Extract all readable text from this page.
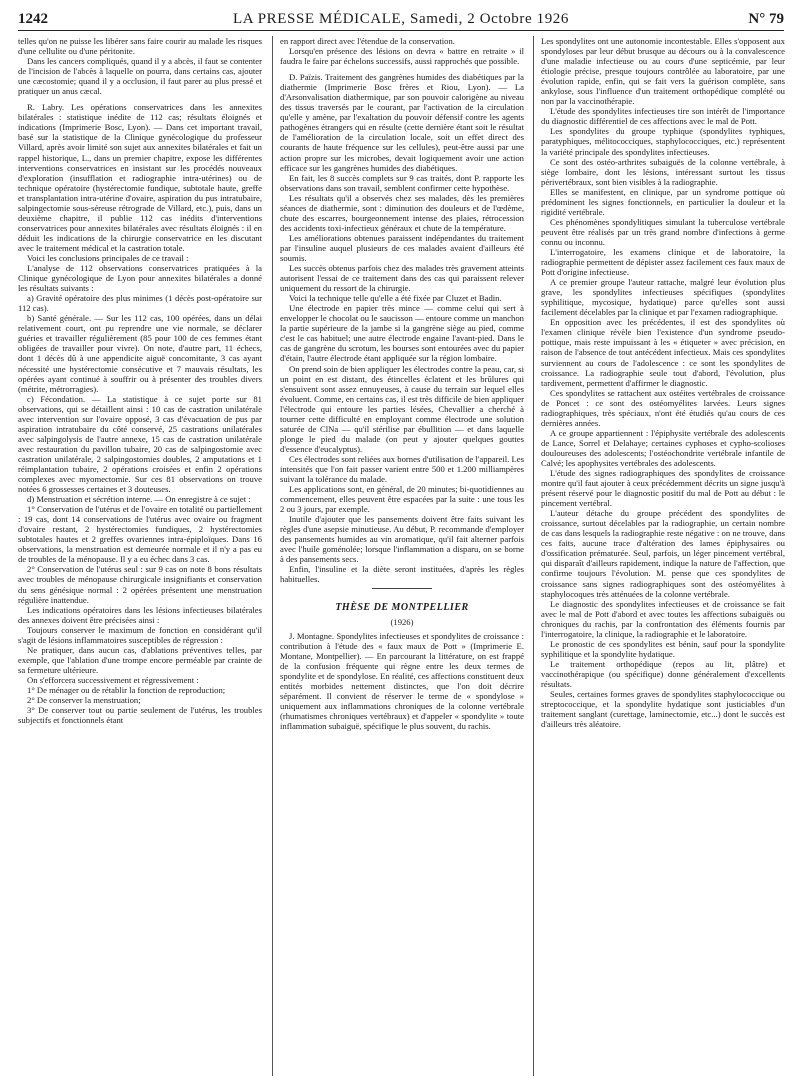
1242	LA PRESSE MÉDICALE, Samedi, 2 Octobre 1926	N° 79

telles qu'on ne puisse les libérer sans faire courir au malade les risques d'une cellulite ou d'une péritonite.

Dans les cancers compliqués, quand il y a abcès, il faut se contenter de l'incision de l'abcès à laquelle on pourra, dans certains cas, ajouter une cæcostomie; quand il y a occlusion, il faut parer au plus pressé et pratiquer un anus cæcal.

R. Labry. Les opérations conservatrices dans les annexites bilatérales : statistique inédite de 112 cas; résultats éloignés et indications (Imprimerie Bosc, Lyon). — Dans cet important travail, basé sur la statistique de la Clinique gynécologique du professeur Villard, après avoir limité son sujet aux annexites bilatérales et fait un rappel historique, L., dans un premier chapitre, expose les différentes interventions conservatrices en insistant sur les procédés nouveaux d'exploration (insufflation et radiographie intra-utérines) ou de technique opératoire (hystérectomie fundique, subtotale haute, greffe et transplantation intra-utérine d'ovaire, aspiration du pus intratubaire, salpingectomie sous-séreuse rétrograde de Villard, etc.), puis, dans un deuxième chapitre, il publie 112 cas inédits d'interventions conservatrices pour annexites bilatérales avec résultats éloignés : il en déduit les indications de la chirurgie conservatrice en les discutant avec le traitement médical et la castration totale.

Voici les conclusions principales de ce travail :

L'analyse de 112 observations conservatrices pratiquées à la Clinique gynécologique de Lyon pour annexites bilatérales a donné les résultats suivants :

a) Gravité opératoire des plus minimes (1 décès post-opératoire sur 112 cas).

b) Santé générale. — Sur les 112 cas, 100 opérées, dans un délai relativement court, ont pu reprendre une vie normale, se déclarer guéries et travailler régulièrement (85 pour 100 de ces femmes étant obligées de travailler pour vivre). On note, d'autre part, 11 échecs, dont 1 décès dû à une appendicite aiguë concomitante, 3 cas ayant nécessité une hystérectomie consécutive et 7 mauvais résultats, les opérées ayant continué à souffrir ou à présenter des troubles divers (métrite, métrorragies).

c) Fécondation. — La statistique à ce sujet porte sur 81 observations, qui se détaillent ainsi : 10 cas de castration unilatérale avec intervention sur l'ovaire opposé, 3 cas d'évacuation de pus par aspiration intratubaire du côté conservé, 25 castrations unilatérales avec salpingolysis de l'autre annexe, 15 cas de castration unilatérale avec restauration du pavillon tubaire, 20 cas de salpingostomie avec castration unilatérale, 2 salpingostomies doubles, 2 amputations et 1 réimplantation tubaire, 2 opérations croisées et enfin 2 opérations complexes avec myomectomie. Sur ces 81 observations on trouve notées 6 grossesses certaines et 3 douteuses.

d) Menstruation et sécrétion interne. — On enregistre à ce sujet :

1° Conservation de l'utérus et de l'ovaire en totalité ou partiellement : 19 cas, dont 14 conservations de l'utérus avec ovaire ou fragment d'ovaire restant, 2 hystérectomies fundiques, 2 hystérectomies subtotales hautes et 2 greffes ovariennes intra-épiploïques. Dans 16 observations, la menstruation est demeurée normale et il n'y a pas eu de troubles de la ménopause. Il y a eu échec dans 3 cas.

2° Conservation de l'utérus seul : sur 9 cas on note 8 bons résultats avec troubles de ménopause chirurgicale insignifiants et conservation du sens génésique normal : 2 opérées présentent une menstruation régulière inattendue.

Les indications opératoires dans les lésions infectieuses bilatérales des annexes doivent être précisées ainsi :

Toujours conserver le maximum de fonction en considérant qu'il s'agit de lésions inflammatoires susceptibles de régression :

Ne pratiquer, dans aucun cas, d'ablations préventives telles, par exemple, que l'ablation d'une trompe encore perméable par crainte de sa fermeture ultérieure.

On s'efforcera successivement et régressivement :

1° De ménager ou de rétablir la fonction de reproduction;

2° De conserver la menstruation;

3° De conserver tout ou partie seulement de l'utérus, les troubles subjectifs et fonctionnels étant

en rapport direct avec l'étendue de la conservation.

Lorsqu'en présence des lésions on devra « battre en retraite » il faudra le faire par échelons successifs, aussi rapprochés que possible.

D. Païzis. Traitement des gangrènes humides des diabétiques par la diathermie (Imprimerie Bosc frères et Riou, Lyon). — La d'Arsonvalisation diathermique, par son pouvoir calorigène au niveau des tissus traversés par le courant, par l'activation de la circulation qu'elle y amène, par l'exaltation du pouvoir défensif contre les agents pathogènes étrangers qui en résulte (cette dernière étant soit le résultat de l'amélioration de la circulation locale, soit un effet direct des courants de haute fréquence sur les cellules), peut-être aussi par une action propre sur les microbes, devait logiquement avoir une action efficace sur les gangrènes humides des diabétiques.

En fait, les 8 succès complets sur 9 cas traités, dont P. rapporte les observations dans son travail, semblent confirmer cette hypothèse.

Les résultats qu'il a observés chez ses malades, dès les premières séances de diathermie, sont : diminution des douleurs et de l'œdème, chute des escarres, bourgeonnement intense des plaies, rétrocession des accidents toxi-infectieux généraux et chute de la température.

Les améliorations obtenues paraissent indépendantes du traitement par l'insuline auquel plusieurs de ces malades avaient d'ailleurs été soumis.

Les succès obtenus parfois chez des malades très gravement atteints autorisent l'essai de ce traitement dans des cas qui paraissent relever uniquement du ressort de la chirurgie.

Voici la technique telle qu'elle a été fixée par Cluzet et Badin.

Une électrode en papier très mince — comme celui qui sert à envelopper le chocolat ou le saucisson — entoure comme un manchon la partie supérieure de la jambe si la gangrène siège au pied, comme c'est le cas habituel; une autre électrode engaine l'avant-pied. Dans le cas de gangrène du scrotum, les bourses sont entourées avec du papier d'étain, l'autre électrode étant appliquée sur la région lombaire.

On prend soin de bien appliquer les électrodes contre la peau, car, si un point en est distant, des étincelles éclatent et les brûlures qui s'ensuivent sont assez ennuyeuses, à cause du terrain sur lequel elles évoluent. Comme, en certains cas, il est très difficile de bien appliquer l'électrode qui entoure les parties lésées, Chevallier a cherché à tourner cette difficulté en employant comme électrode une solution saturée de ClNa — qu'il stérilise par ébullition — et dans laquelle plonge le pied du malade (on peut y ajouter quelques gouttes d'essence d'eucalyptus).

Ces électrodes sont reliées aux bornes d'utilisation de l'appareil. Les intensités que l'on fait passer varient entre 500 et 1.200 milliampères suivant la tolérance du malade.

Les applications sont, en général, de 20 minutes; bi-quotidiennes au commencement, elles peuvent être espacées par la suite : une tous les 2 ou 3 jours, par exemple.

Inutile d'ajouter que les pansements doivent être faits suivant les règles d'une asepsie minutieuse. Au début, P. recommande d'employer des pansements humides au vin aromatique, qu'il fait alterner parfois avec l'huile goménolée; lorsque l'inflammation a disparu, on se borne à des pansements secs.

Enfin, l'insuline et la diète seront instituées, d'après les règles habituelles.

THÈSE DE MONTPELLIER
(1926)

J. Montagne. Spondylites infectieuses et spondylites de croissance : contribution à l'étude des « faux maux de Pott » (Imprimerie E. Montane, Montpellier). — En parcourant la littérature, on est frappé de la confusion fréquente qui règne entre les deux termes de spondylite et de spondylose. En réalité, ces affections constituent deux entités morbides nettement distinctes, que l'on doit décrire séparément. Il convient de réserver le terme de « spondylose » uniquement aux inflammations chroniques de la colonne vertébrale (rhumatismes chroniques vertébraux) et d'appeler « spondylite » toute inflammation subaiguë, spécifique le plus souvent, du rachis.

Les spondylites ont une autonomie incontestable. Elles s'opposent aux spondyloses par leur début brusque au décours ou à la convalescence d'une maladie infectieuse ou au cours d'une septicémie, par leur étiologie précise, presque toujours contrôlée au laboratoire, par une évolution rapide, enfin, qui se fait vers la guérison complète, sans ankylose, sous l'influence d'un traitement orthopédique complété ou non par la vaccinothérapie.

L'étude des spondylites infectieuses tire son intérêt de l'importance du diagnostic différentiel de ces affections avec le mal de Pott.

Les spondylites du groupe typhique (spondylites typhiques, paratyphiques, mélitococciques, staphylococciques, etc.) représentent la variété principale des spondylites infectieuses.

Ce sont des ostéo-arthrites subaiguës de la colonne vertébrale, à siège lombaire, dont les lésions, intéressant surtout les tissus périvertébraux, sont bien visibles à la radiographie.

Elles se manifestent, en clinique, par un syndrome pottique où prédominent les signes fonctionnels, en particulier la douleur et la rigidité vertébrale.

Ces phénomènes spondylitiques simulant la tuberculose vertébrale peuvent être réalisés par un très grand nombre d'infections à germe connu ou inconnu.

L'interrogatoire, les examens clinique et de laboratoire, la radiographie permettent de dépister assez facilement ces faux maux de Pott d'origine infectieuse.

A ce premier groupe l'auteur rattache, malgré leur évolution plus grave, les spondylites infectieuses spécifiques (spondylites syphilitique, mycosique, hydatique) parce qu'elles sont aussi facilement décelables par la clinique et par l'examen radiographique.

En opposition avec les précédentes, il est des spondylites où l'examen clinique révèle bien l'existence d'un syndrome pseudo-pottique, mais reste impuissant à les « étiqueter » avec précision, en raison de l'absence de tout antécédent infectieux. Mais ces spondylites surviennent au cours de l'adolescence : ce sont les spondylites de croissance. La radiographie seule tout d'abord, l'évolution, plus tardivement, permettent d'affirmer le diagnostic.

Ces spondylites se rattachent aux ostéites vertébrales de croissance de Poncet : ce sont des ostéomyélites larvées. Leurs signes radiographiques, très spéciaux, n'ont été étudiés qu'au cours de ces dernières années.

A ce groupe appartiennent : l'épiphysite vertébrale des adolescents de Lance, Sorrel et Delahaye; certaines cyphoses et cypho-scolioses douloureuses des adolescents; l'ostéochondrite vertébrale infantile de Calvé; les apophysites vertébrales des adolescents.

L'étude des signes radiographiques des spondylites de croissance montre qu'il faut ajouter à ceux précédemment décrits un signe jusqu'à présent réservé pour le diagnostic positif du mal de Pott au début : le pincement vertébral.

L'auteur détache du groupe précédent des spondylites de croissance, surtout décelables par la radiographie, un certain nombre de cas dans lesquels la radiographie reste négative : on ne trouve, dans ces faits, aucune trace d'altération des lames épiphysaires ou d'ossification prématurée. Seul, parfois, un léger pincement vertébral, qui disparaît d'ailleurs rapidement, indique la nature de l'affection, que confirme toujours l'évolution. M. pense que ces spondylites de croissance sans signes radiographiques sont des ostéomyélites à staphylocoques très atténuées de la colonne vertébrale.

Le diagnostic des spondylites infectieuses et de croissance se fait avec le mal de Pott d'abord et avec toutes les affections subaiguës ou chroniques du rachis, par la confrontation des éléments fournis par l'interrogatoire, la clinique, la radiographie et le laboratoire.

Le pronostic de ces spondylites est bénin, sauf pour la spondylite syphilitique et la spondylite hydatique.

Le traitement orthopédique (repos au lit, plâtre) et vaccinothérapique (ou spécifique) donne généralement d'excellents résultats.

Seules, certaines formes graves de spondylites staphylococcique ou streptococcique, et la spondylite hydatique sont justiciables d'un traitement sanglant (curettage, laminectomie, etc...) dont le succès est d'ailleurs très aléatoire.
